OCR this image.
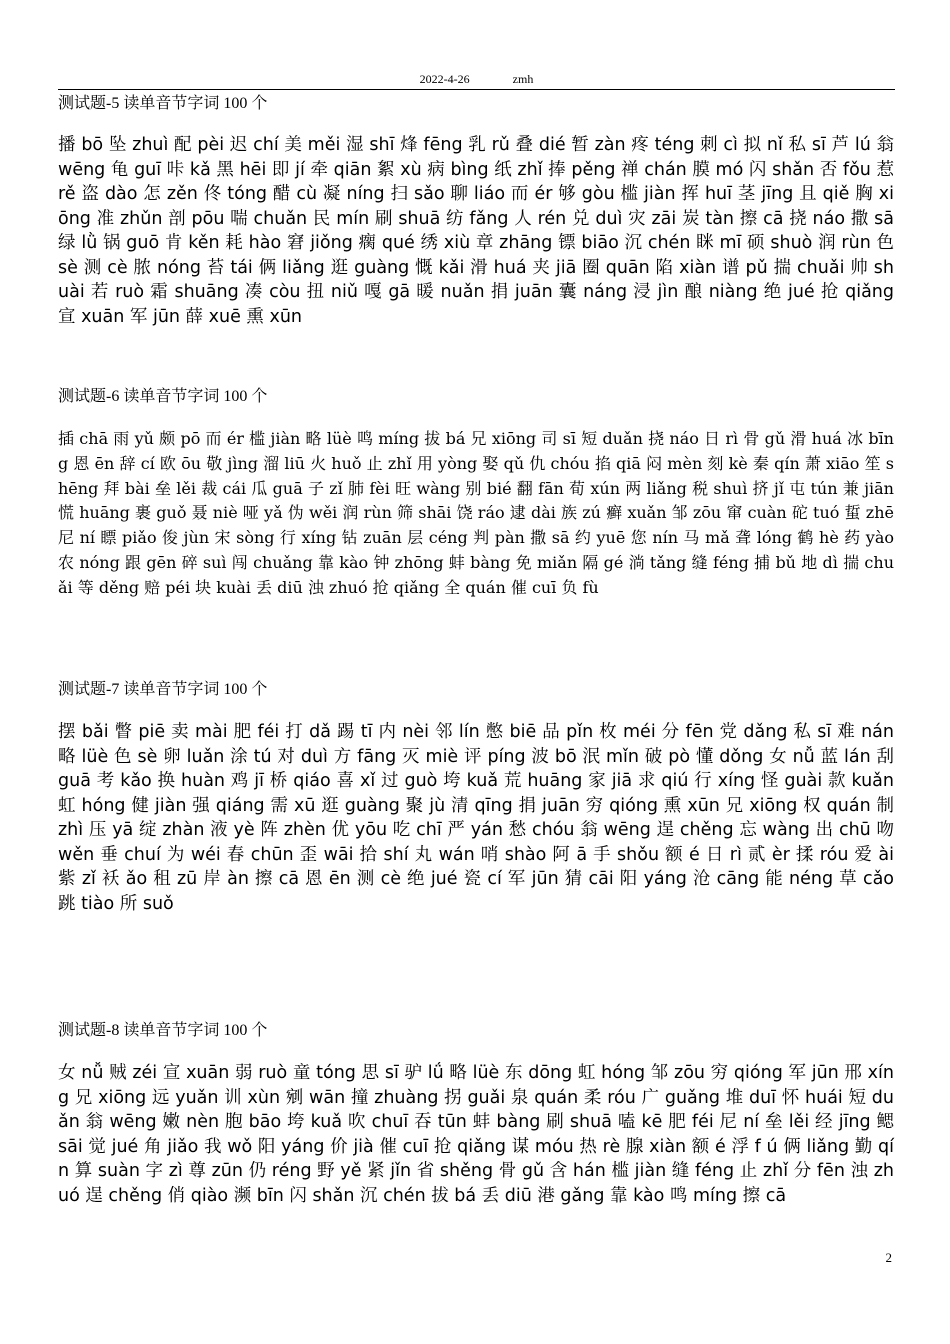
2022-4-26	zmh
测试题-5 读单音节字词 100 个
播 bō 坠 zhuì 配 pèi 迟 chí 美 měi 湿 shī 烽 fēng 乳 rǔ 叠 dié 暂 zàn 疼 téng 刺 cì 拟 nǐ 私 sī 芦 lú 翁 wēng 龟 guī 咔 kǎ 黑 hēi 即 jí 牵 qiān 絮 xù 病 bìng 纸 zhǐ 捧 pěng 禅 chán 膜 mó 闪 shǎn 否 fǒu 惹 rě 盗 dào 怎 zěn 佟 tóng 醋 cù 凝 níng 扫 sǎo 聊 liáo 而 ér 够 gòu 槛 jiàn 挥 huī 茎 jīng 且 qiě 胸 xiōng 准 zhǔn 剖 pōu 喘 chuǎn 民 mín 刷 shuā 纺 fǎng 人 rén 兑 duì 灾 zāi 炭 tàn 擦 cā 挠 náo 撒 sā 绿 lǜ 锅 guō 肯 kěn 耗 hào 窘 jiǒng 瘸 qué 绣 xiù 章 zhāng 镖 biāo 沉 chén 眯 mī 硕 shuò 润 rùn 色 sè 测 cè 脓 nóng 苔 tái 俩 liǎng 逛 guàng 慨 kǎi 滑 huá 夹 jiā 圈 quān 陷 xiàn 谱 pǔ 揣 chuǎi 帅 shuài 若 ruò 霜 shuāng 凑 còu 扭 niǔ 嘎 gā 暖 nuǎn 捐 juān 囊 náng 浸 jìn 酿 niàng 绝 jué 抢 qiǎng 宣 xuān 军 jūn 薛 xuē 熏 xūn
测试题-6 读单音节字词 100 个
插 chā 雨 yǔ 颇 pō 而 ér 槛 jiàn 略 lüè 鸣 míng 拔 bá 兄 xiōng 司 sī 短 duǎn 挠 náo 日 rì 骨 gǔ 滑 huá 冰 bīng 恩 ēn 辞 cí 欧 ōu 敬 jìng 溜 liū 火 huǒ 止 zhǐ 用 yòng 娶 qǔ 仇 chóu 掐 qiā 闷 mèn 刻 kè 秦 qín 萧 xiāo 笙 shēng 拜 bài 垒 lěi 裁 cái 瓜 guā 子 zǐ 肺 fèi 旺 wàng 别 bié 翻 fān 荀 xún 两 liǎng 税 shuì 挤 jǐ 屯 tún 兼 jiān 慌 huāng 裹 guǒ 聂 niè 哑 yǎ 伪 wěi 润 rùn 筛 shāi 饶 ráo 逮 dài 族 zú 癣 xuǎn 邹 zōu 窜 cuàn 砣 tuó 蜇 zhē 尼 ní 瞟 piǎo 俊 jùn 宋 sòng 行 xíng 钻 zuān 层 céng 判 pàn 撒 sā 约 yuē 您 nín 马 mǎ 聋 lóng 鹤 hè 药 yào 农 nóng 跟 gēn 碎 suì 闯 chuǎng 靠 kào 钟 zhōng 蚌 bàng 免 miǎn 隔 gé 淌 tǎng 缝 féng 捕 bǔ 地 dì 揣 chuǎi 等 děng 赔 péi 块 kuài 丢 diū 浊 zhuó 抢 qiǎng 全 quán 催 cuī 负 fù
测试题-7 读单音节字词 100 个
摆 bǎi 瞥 piē 卖 mài 肥 féi 打 dǎ 踢 tī 内 nèi 邻 lín 憋 biē 品 pǐn 枚 méi 分 fēn 党 dǎng 私 sī 难 nán 略 lüè 色 sè 卵 luǎn 涂 tú 对 duì 方 fāng 灭 miè 评 píng 波 bō 泯 mǐn 破 pò 懂 dǒng 女 nǚ 蓝 lán 刮 guā 考 kǎo 换 huàn 鸡 jī 桥 qiáo 喜 xǐ 过 guò 垮 kuǎ 荒 huāng 家 jiā 求 qiú 行 xíng 怪 guài 款 kuǎn 虹 hóng 健 jiàn 强 qiáng 需 xū 逛 guàng 聚 jù 清 qīng 捐 juān 穷 qióng 熏 xūn 兄 xiōng 权 quán 制 zhì 压 yā 绽 zhàn 液 yè 阵 zhèn 优 yōu 吃 chī 严 yán 愁 chóu 翁 wēng 逞 chěng 忘 wàng 出 chū 吻 wěn 垂 chuí 为 wéi 春 chūn 歪 wāi 拾 shí 丸 wán 哨 shào 阿 ā 手 shǒu 额 é 日 rì 贰 èr 揉 róu 爱 ài 紫 zǐ 袄 ǎo 租 zū 岸 àn 擦 cā 恩 ēn 测 cè 绝 jué 瓷 cí 军 jūn 猜 cāi 阳 yáng 沧 cāng 能 néng 草 cǎo 跳 tiào 所 suǒ
测试题-8 读单音节字词 100 个
女 nǚ 贼 zéi 宣 xuān 弱 ruò 童 tóng 思 sī 驴 lǘ 略 lüè 东 dōng 虹 hóng 邹 zōu 穷 qióng 军 jūn 邢 xíng 兄 xiōng 远 yuǎn 训 xùn 剜 wān 撞 zhuàng 拐 guǎi 泉 quán 柔 róu 广 guǎng 堆 duī 怀 huái 短 duǎn 翁 wēng 嫩 nèn 胞 bāo 垮 kuǎ 吹 chuī 吞 tūn 蚌 bàng 刷 shuā 嗑 kē 肥 féi 尼 ní 垒 lěi 经 jīng 鳃 sāi 觉 jué 角 jiǎo 我 wǒ 阳 yáng 价 jià 催 cuī 抢 qiǎng 谋 móu 热 rè 腺 xiàn 额 é 浮 f ú 俩 liǎng 勤 qín 算 suàn 字 zì 尊 zūn 仍 réng 野 yě 紧 jǐn 省 shěng 骨 gǔ 含 hán 槛 jiàn 缝 féng 止 zhǐ 分 fēn 浊 zhuó 逞 chěng 俏 qiào 濒 bīn 闪 shǎn 沉 chén 拔 bá 丢 diū 港 gǎng 靠 kào 鸣 míng 擦 cā
2
